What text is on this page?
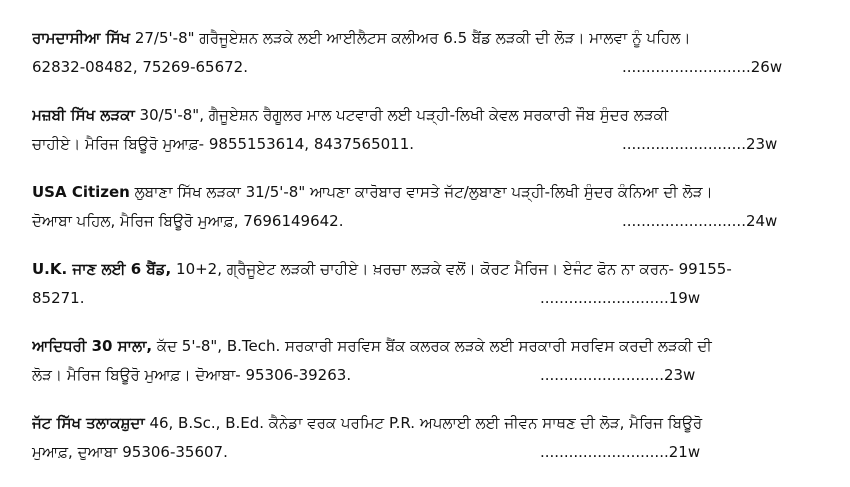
ਰਾਮਦਾਸੀਆ ਸਿੱਖ 27/5'-8" ਗਰੈਜੂਏਸ਼ਨ ਲੜਕੇ ਲਈ ਆਈਲੈਟਸ ਕਲੀਅਰ 6.5 ਬੈਂਡ ਲੜਕੀ ਦੀ ਲੋੜ। ਮਾਲਵਾ ਨੂੰ ਪਹਿਲ।
62832-08482, 75269-65672.	...........................26w
ਮਜ਼ਬੀ ਸਿੱਖ ਲੜਕਾ 30/5'-8", ਗੈਜੂਏਸ਼ਨ ਰੈਗੂਲਰ ਮਾਲ ਪਟਵਾਰੀ ਲਈ ਪੜ੍ਹੀ-ਲਿਖੀ ਕੇਵਲ ਸਰਕਾਰੀ ਜੌਬ ਸੁੰਦਰ ਲੜਕੀ
ਚਾਹੀਏ। ਮੈਰਿਜ ਬਿਊਰੋ ਮੁਆਫ਼- 9855153614, 8437565011.	..........................23w
USA Citizen ਲੁਬਾਣਾ ਸਿੱਖ ਲੜਕਾ 31/5'-8" ਆਪਣਾ ਕਾਰੋਬਾਰ ਵਾਸਤੇ ਜੱਟ/ਲੁਬਾਣਾ ਪੜ੍ਹੀ-ਲਿਖੀ ਸੁੰਦਰ ਕੰਨਿਆ ਦੀ ਲੋੜ।
ਦੋਆਬਾ ਪਹਿਲ, ਮੈਰਿਜ ਬਿਊਰੋ ਮੁਆਫ਼, 7696149642.	..........................24w
U.K. ਜਾਣ ਲਈ 6 ਬੈਂਡ, 10+2, ਗ੍ਰੈਜੂਏਟ ਲੜਕੀ ਚਾਹੀਏ। ਖ਼ਰਚਾ ਲੜਕੇ ਵਲੋਂ। ਕੋਰਟ ਮੈਰਿਜ। ਏਜੰਟ ਫੋਨ ਨਾ ਕਰਨ- 99155-
85271.	...........................19w
ਆਦਿਧਰੀ 30 ਸਾਲਾ, ਕੱਦ 5'-8", B.Tech. ਸਰਕਾਰੀ ਸਰਵਿਸ ਬੈਂਕ ਕਲਰਕ ਲੜਕੇ ਲਈ ਸਰਕਾਰੀ ਸਰਵਿਸ ਕਰਦੀ ਲੜਕੀ ਦੀ
ਲੋੜ। ਮੈਰਿਜ ਬਿਊਰੋ ਮੁਆਫ਼। ਦੋਆਬਾ- 95306-39263.	..........................23w
ਜੱਟ ਸਿੱਖ ਤਲਾਕਸ਼ੁਦਾ 46, B.Sc., B.Ed. ਕੈਨੇਡਾ ਵਰਕ ਪਰਮਿਟ P.R. ਅਪਲਾਈ ਲਈ ਜੀਵਨ ਸਾਥਣ ਦੀ ਲੋੜ, ਮੈਰਿਜ ਬਿਊਰੋ
ਮੁਆਫ਼, ਦੁਆਬਾ 95306-35607.	...........................21w
